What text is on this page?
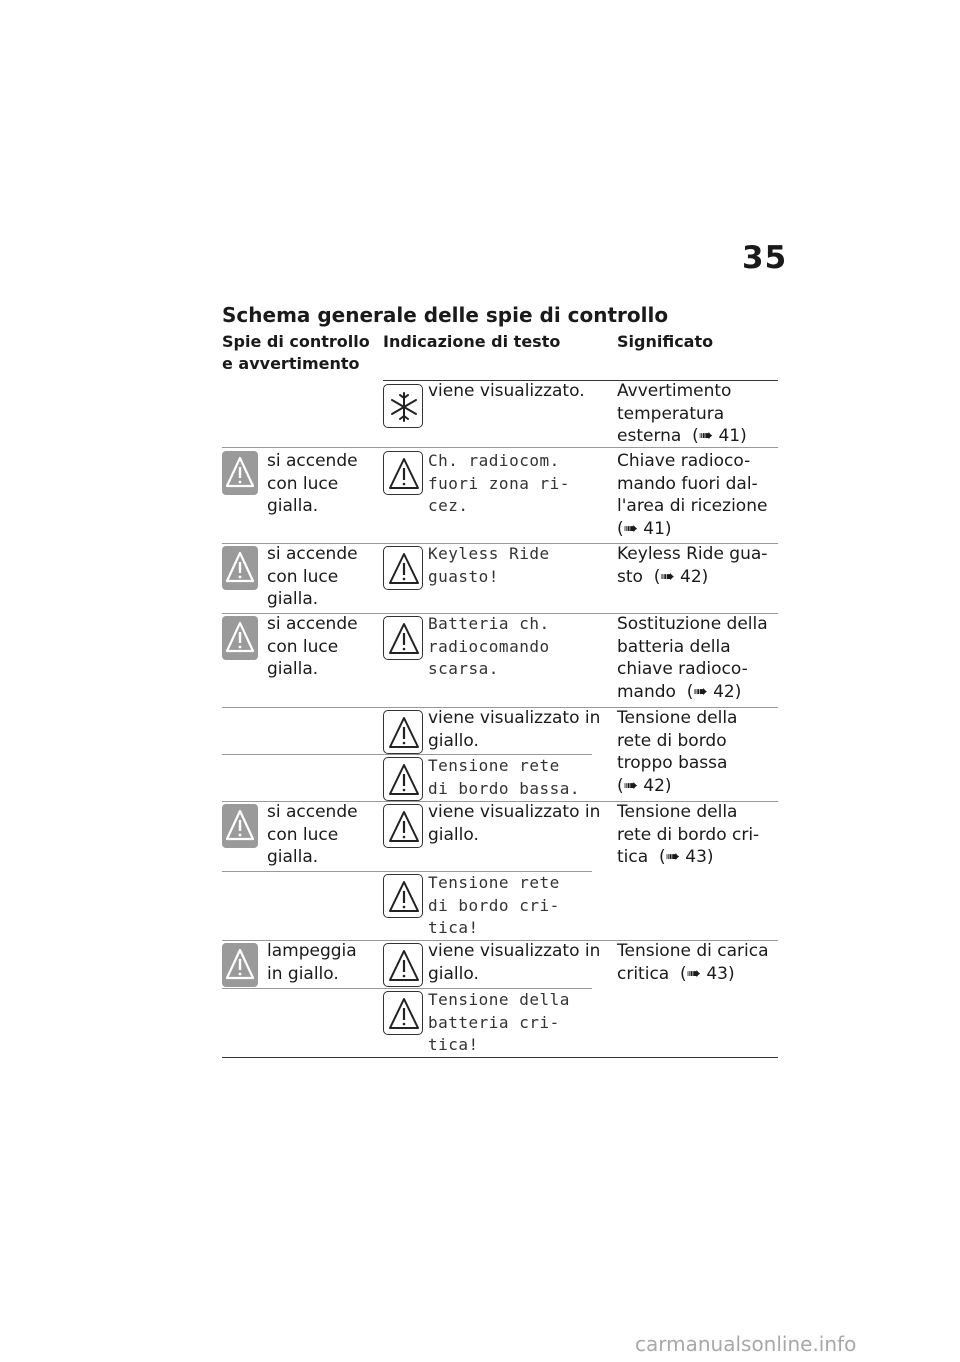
35
Schema generale delle spie di controllo
Spie di controllo
e avvertimento
Indicazione di testo	Significato
viene visualizzato. Avvertimento
temperatura
esterna  (➠ 41)
si accende
con luce
gialla.
Ch. radiocom.
fuori zona ri-
cez.
Chiave radioco-
mando fuori dal-
l'area di ricezione
(➠ 41)
si accende
con luce
gialla.
Keyless Ride
guasto!
Keyless Ride gua-
sto  (➠ 42)
si accende
con luce
gialla.
Batteria ch.
radiocomando
scarsa.
Sostituzione della
batteria della
chiave radioco-
mando  (➠ 42)
viene visualizzato in
giallo.
Tensione rete
di bordo bassa.
Tensione della
rete di bordo
troppo bassa
(➠ 42)
si accende
con luce
gialla.
viene visualizzato in
giallo.
Tensione rete
di bordo cri-
tica!
Tensione della
rete di bordo cri-
tica  (➠ 43)
lampeggia
in giallo.
viene visualizzato in
giallo.
Tensione della
batteria cri-
tica!
Tensione di carica
critica  (➠ 43)
carmanualsonline.info
